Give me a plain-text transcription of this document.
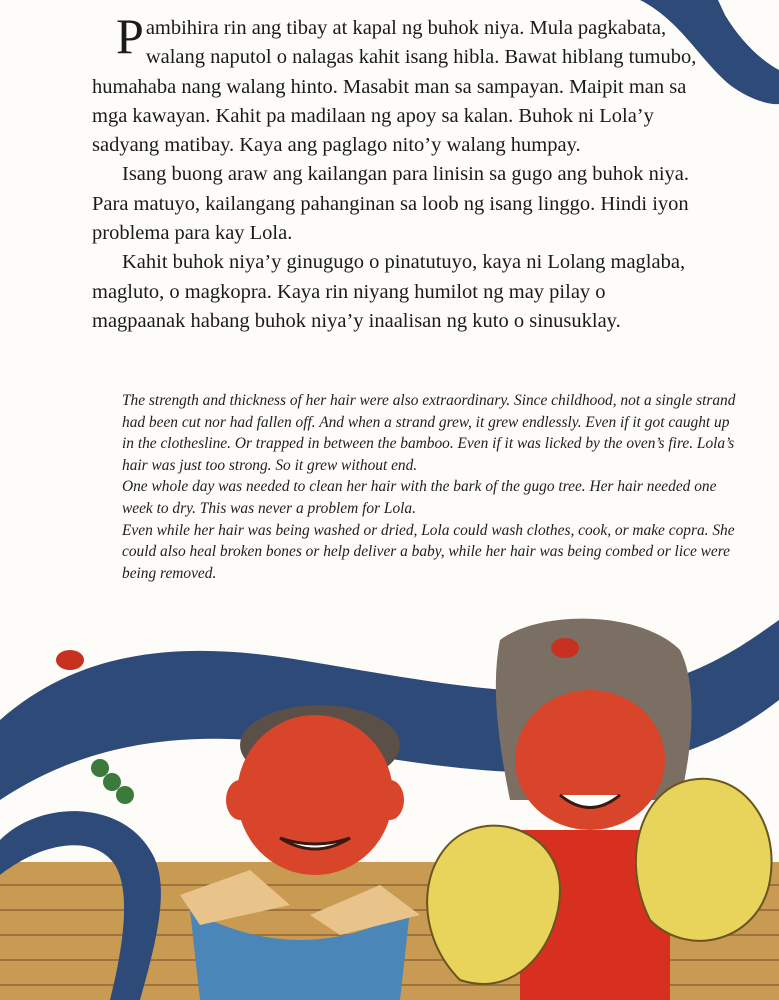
Pambihira rin ang tibay at kapal ng buhok niya. Mula pagkabata, walang naputol o nalagas kahit isang hibla. Bawat hiblang tumubo, humahaba nang walang hinto. Masabit man sa sampayan. Maipit man sa mga kawayan. Kahit pa madilaan ng apoy sa kalan. Buhok ni Lola’y sadyang matibay. Kaya ang paglago nito’y walang humpay.

Isang buong araw ang kailangan para linisin sa gugo ang buhok niya. Para matuyo, kailangang pahanginan sa loob ng isang linggo. Hindi iyon problema para kay Lola.

Kahit buhok niya’y ginugugo o pinatutuyo, kaya ni Lolang maglaba, magluto, o magkopra. Kaya rin niyang humilot ng may pilay o magpaanak habang buhok niya’y inaalisan ng kuto o sinusuklay.

The strength and thickness of her hair were also extraordinary. Since childhood, not a single strand had been cut nor had fallen off. And when a strand grew, it grew endlessly. Even if it got caught up in the clothesline. Or trapped in between the bamboo. Even if it was licked by the oven’s fire. Lola’s hair was just too strong. So it grew without end.

One whole day was needed to clean her hair with the bark of the gugo tree. Her hair needed one week to dry. This was never a problem for Lola.

Even while her hair was being washed or dried, Lola could wash clothes, cook, or make copra. She could also heal broken bones or help deliver a baby, while her hair was being combed or lice were being removed.
